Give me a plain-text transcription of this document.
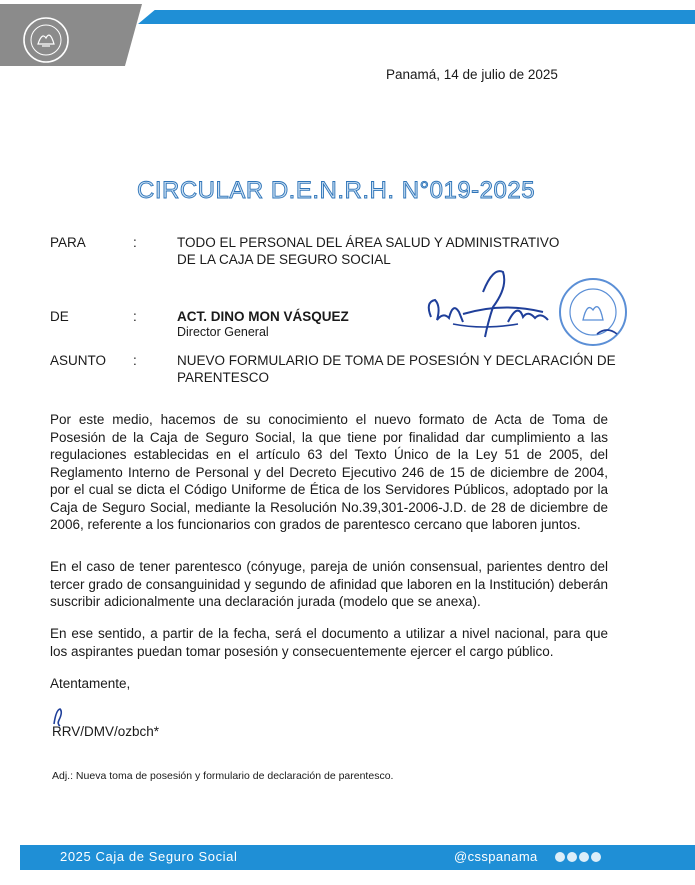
Panamá, 14 de julio de 2025
CIRCULAR D.E.N.R.H. N°019-2025
PARA	:	TODO EL PERSONAL DEL ÁREA SALUD Y ADMINISTRATIVO
DE LA CAJA DE SEGURO SOCIAL
DE	:	ACT. DINO MON VÁSQUEZ
Director General
ASUNTO :	NUEVO FORMULARIO DE TOMA DE POSESIÓN Y DECLARACIÓN DE
PARENTESCO
Por este medio, hacemos de su conocimiento el nuevo formato de Acta de Toma de Posesión de la Caja de Seguro Social, la que tiene por finalidad dar cumplimiento a las regulaciones establecidas en el artículo 63 del Texto Único de la Ley 51 de 2005, del Reglamento Interno de Personal y del Decreto Ejecutivo 246 de 15 de diciembre de 2004, por el cual se dicta el Código Uniforme de Ética de los Servidores Públicos, adoptado por la Caja de Seguro Social, mediante la Resolución No.39,301-2006-J.D. de 28 de diciembre de 2006, referente a los funcionarios con grados de parentesco cercano que laboren juntos.
En el caso de tener parentesco (cónyuge, pareja de unión consensual, parientes dentro del tercer grado de consanguinidad y segundo de afinidad que laboren en la Institución) deberán suscribir adicionalmente una declaración jurada (modelo que se anexa).
En ese sentido, a partir de la fecha, será el documento a utilizar a nivel nacional, para que los aspirantes puedan tomar posesión y consecuentemente ejercer el cargo público.
Atentamente,
RRV/DMV/ozbch*
Adj.: Nueva toma de posesión y formulario de declaración de parentesco.
2025 Caja de Seguro Social	@csspanama
